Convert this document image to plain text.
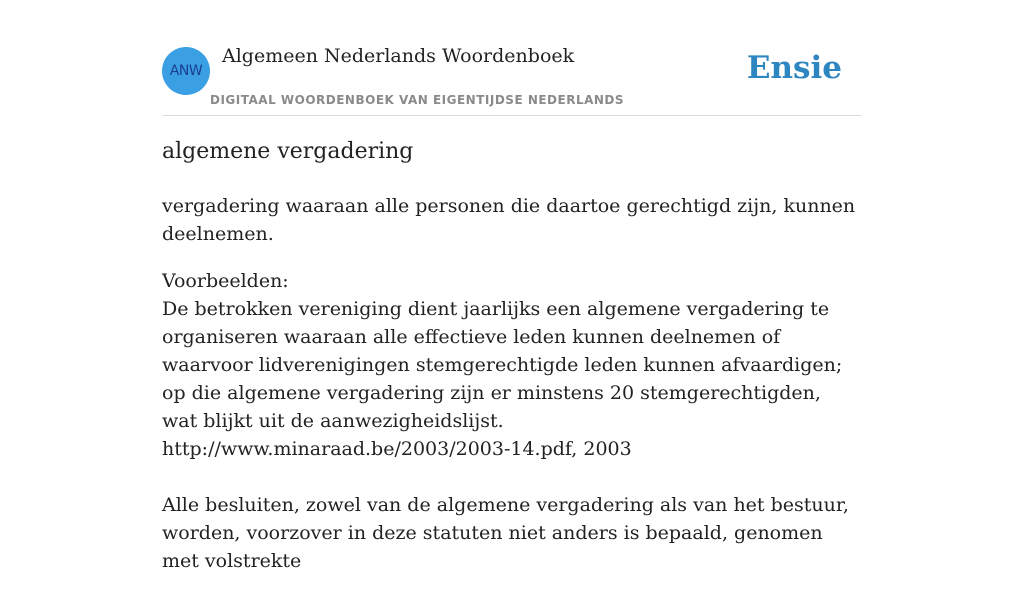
ANW
Algemeen Nederlands Woordenboek
DIGITAAL WOORDENBOEK VAN EIGENTIJDSE NEDERLANDS
Ensie
algemene vergadering

vergadering waaraan alle personen die daartoe gerechtigd zijn, kunnen deelnemen.

Voorbeelden:

De betrokken vereniging dient jaarlijks een algemene vergadering te organiseren waaraan alle effectieve leden kunnen deelnemen of waarvoor lidverenigingen stemgerechtigde leden kunnen afvaardigen; op die algemene vergadering zijn er minstens 20 stemgerechtigden, wat blijkt uit de aanwezigheidslijst.

http://www.minaraad.be/2003/2003-14.pdf, 2003

Alle besluiten, zowel van de algemene vergadering als van het bestuur, worden, voorzover in deze statuten niet anders is bepaald, genomen met volstrekte
